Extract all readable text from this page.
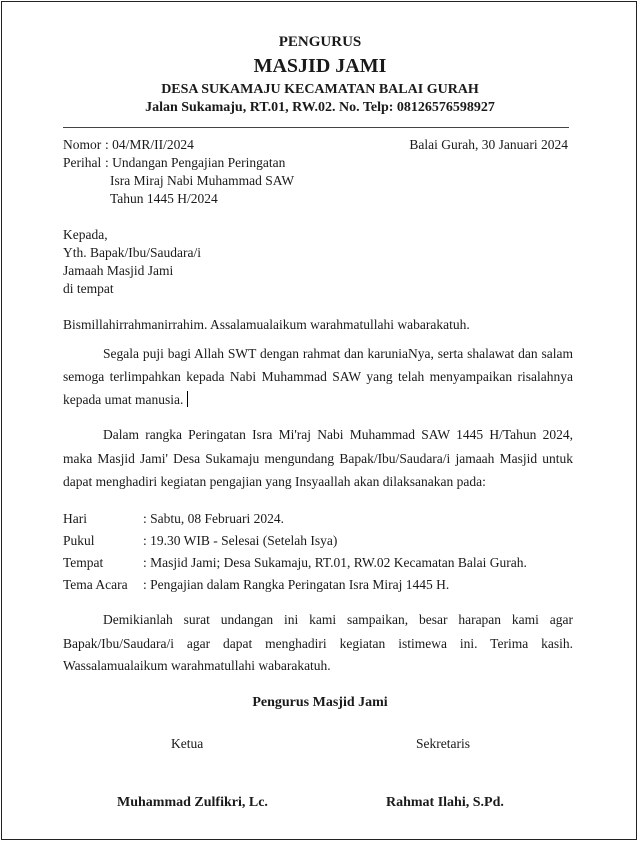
PENGURUS
MASJID JAMI
DESA SUKAMAJU KECAMATAN BALAI GURAH
Jalan Sukamaju, RT.01, RW.02. No. Telp: 08126576598927
Nomor : 04/MR/II/2024	Balai Gurah, 30 Januari 2024
Perihal : Undangan Pengajian Peringatan
Isra Miraj Nabi Muhammad SAW
Tahun 1445 H/2024
Kepada,
Yth. Bapak/Ibu/Saudara/i
Jamaah Masjid Jami
di tempat
Bismillahirrahmanirrahim. Assalamualaikum warahmatullahi wabarakatuh.
Segala puji bagi Allah SWT dengan rahmat dan karuniaNya, serta shalawat dan salam
semoga terlimpahkan kepada Nabi Muhammad SAW yang telah menyampaikan risalahnya
kepada umat manusia.
Dalam rangka Peringatan Isra Mi'raj Nabi Muhammad SAW 1445 H/Tahun 2024,
maka Masjid Jami' Desa Sukamaju mengundang Bapak/Ibu/Saudara/i jamaah Masjid untuk
dapat menghadiri kegiatan pengajian yang Insyaallah akan dilaksanakan pada:
Hari	: Sabtu, 08 Februari 2024.
Pukul	: 19.30 WIB - Selesai (Setelah Isya)
Tempat	: Masjid Jami; Desa Sukamaju, RT.01, RW.02 Kecamatan Balai Gurah.
Tema Acara : Pengajian dalam Rangka Peringatan Isra Miraj 1445 H.
Demikianlah surat undangan ini kami sampaikan, besar harapan kami agar
Bapak/Ibu/Saudara/i agar dapat menghadiri kegiatan istimewa ini. Terima kasih.
Wassalamualaikum warahmatullahi wabarakatuh.
Pengurus Masjid Jami
Ketua	Sekretaris
Muhammad Zulfikri, Lc.	Rahmat Ilahi, S.Pd.
